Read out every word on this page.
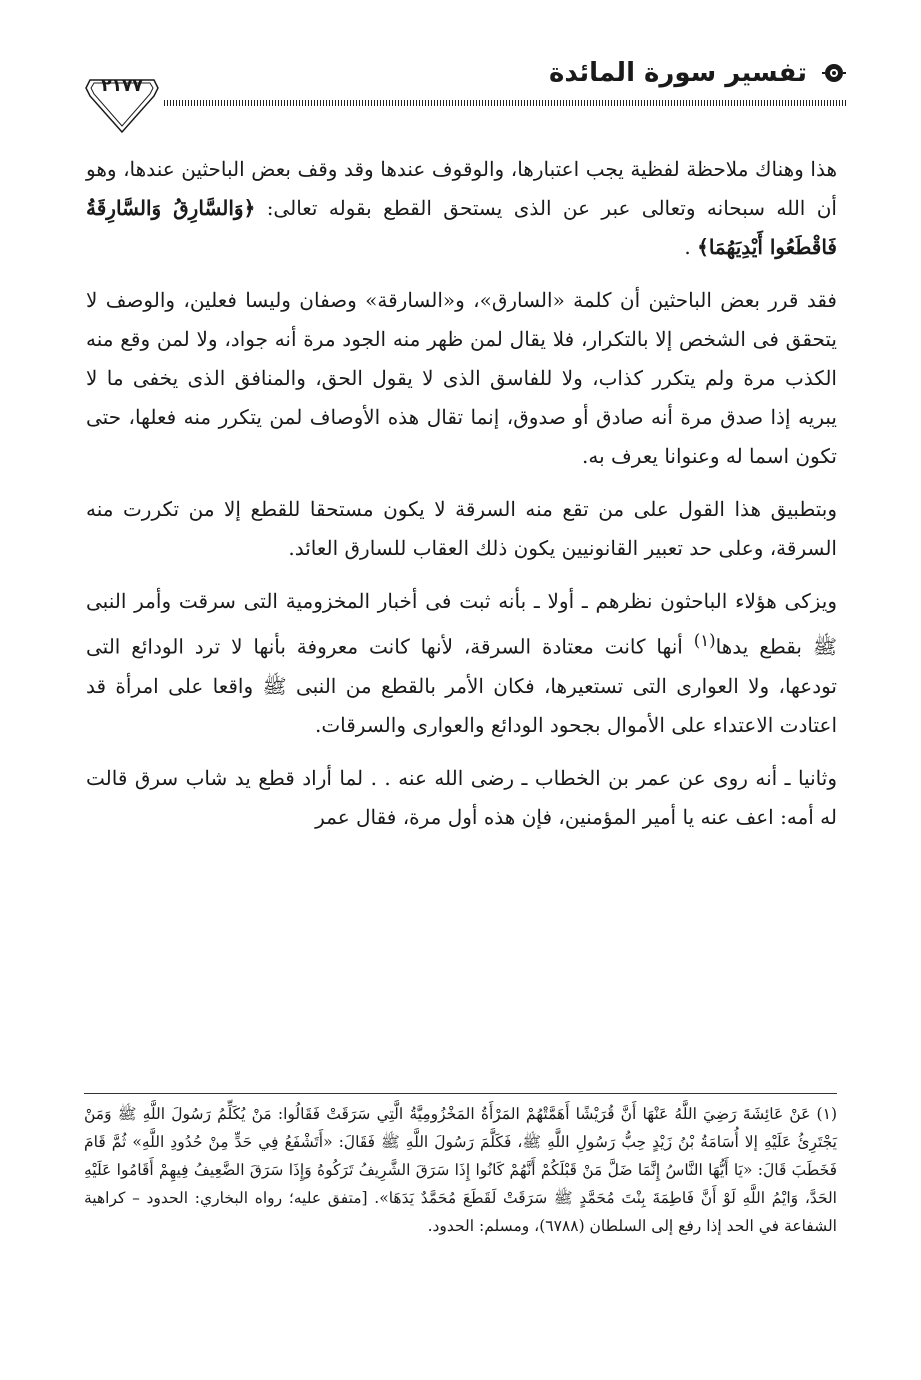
تفسير سورة المائدة
٢١٧٧

هذا وهناك ملاحظة لفظية يجب اعتبارها، والوقوف عندها وقد وقف بعض الباحثين عندها، وهو أن الله سبحانه وتعالى عبر عن الذى يستحق القطع بقوله تعالى: ﴿وَالسَّارِقُ وَالسَّارِقَةُ فَاقْطَعُوا أَيْدِيَهُمَا﴾ .

فقد قرر بعض الباحثين أن كلمة «السارق»، و«السارقة» وصفان وليسا فعلين، والوصف لا يتحقق فى الشخص إلا بالتكرار، فلا يقال لمن ظهر منه الجود مرة أنه جواد، ولا لمن وقع منه الكذب مرة ولم يتكرر كذاب، ولا للفاسق الذى لا يقول الحق، والمنافق الذى يخفى ما لا يبريه إذا صدق مرة أنه صادق أو صدوق، إنما تقال هذه الأوصاف لمن يتكرر منه فعلها، حتى تكون اسما له وعنوانا يعرف به.

وبتطبيق هذا القول على من تقع منه السرقة لا يكون مستحقا للقطع إلا من تكررت منه السرقة، وعلى حد تعبير القانونيين يكون ذلك العقاب للسارق العائد.

ويزكى هؤلاء الباحثون نظرهم ـ أولا ـ بأنه ثبت فى أخبار المخزومية التى سرقت وأمر النبى ﷺ بقطع يدها$^{(١)}$ أنها كانت معتادة السرقة، لأنها كانت معروفة بأنها لا ترد الودائع التى تودعها، ولا العوارى التى تستعيرها، فكان الأمر بالقطع من النبى ﷺ واقعا على امرأة قد اعتادت الاعتداء على الأموال بجحود الودائع والعوارى والسرقات.

وثانيا ـ أنه روى عن عمر بن الخطاب ـ رضى الله عنه . . لما أراد قطع يد شاب سرق قالت له أمه: اعف عنه يا أمير المؤمنين، فإن هذه أول مرة، فقال عمر

(١) عَنْ عَائِشَةَ رَضِيَ اللَّهُ عَنْهَا أَنَّ قُرَيْشًا أَهَمَّتْهُمْ المَرْأَةُ المَخْزُومِيَّةُ الَّتِي سَرَقَتْ فَقَالُوا: مَنْ يُكَلِّمُ رَسُولَ اللَّهِ ﷺ وَمَنْ يَجْتَرِئُ عَلَيْهِ إلا أُسَامَةُ بْنُ زَيْدٍ حِبُّ رَسُولِ اللَّهِ ﷺ، فَكَلَّمَ رَسُولَ اللَّهِ ﷺ فَقَالَ: «أَتَشْفَعُ فِي حَدٍّ مِنْ حُدُودِ اللَّهِ» ثُمَّ قَامَ فَخَطَبَ قَالَ: «يَا أَيُّهَا النَّاسُ إِنَّمَا ضَلَّ مَنْ قَبْلَكُمْ أَنَّهُمْ كَانُوا إِذَا سَرَقَ الشَّرِيفُ تَرَكُوهُ وَإِذَا سَرَقَ الضَّعِيفُ فِيهِمْ أَقَامُوا عَلَيْهِ الحَدَّ، وَايْمُ اللَّهِ لَوْ أَنَّ فَاطِمَةَ بِنْتَ مُحَمَّدٍ ﷺ سَرَقَتْ لَقَطَعَ مُحَمَّدٌ يَدَهَا». [متفق عليه؛ رواه البخاري: الحدود – كراهية الشفاعة في الحد إذا رفع إلى السلطان (٦٧٨٨)، ومسلم: الحدود.
